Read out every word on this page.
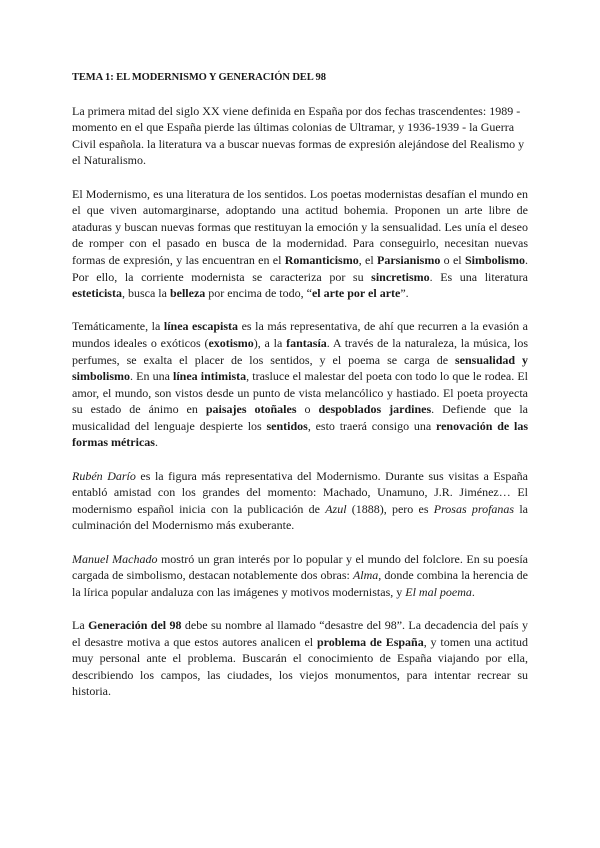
TEMA 1: EL MODERNISMO Y GENERACIÓN DEL 98

La primera mitad del siglo XX viene definida en España por dos fechas trascendentes: 1989 - momento en el que España pierde las últimas colonias de Ultramar, y 1936-1939 - la Guerra Civil española. la literatura va a buscar nuevas formas de expresión alejándose del Realismo y el Naturalismo.

El Modernismo, es una literatura de los sentidos. Los poetas modernistas desafían el mundo en el que viven automarginarse, adoptando una actitud bohemia. Proponen un arte libre de ataduras y buscan nuevas formas que restituyan la emoción y la sensualidad. Les unía el deseo de romper con el pasado en busca de la modernidad. Para conseguirlo, necesitan nuevas formas de expresión, y las encuentran en el Romanticismo, el Parsianismo o el Simbolismo. Por ello, la corriente modernista se caracteriza por su sincretismo. Es una literatura esteticista, busca la belleza por encima de todo, “el arte por el arte”.

Temáticamente, la línea escapista es la más representativa, de ahí que recurren a la evasión a mundos ideales o exóticos (exotismo), a la fantasía. A través de la naturaleza, la música, los perfumes, se exalta el placer de los sentidos, y el poema se carga de sensualidad y simbolismo. En una línea intimista, trasluce el malestar del poeta con todo lo que le rodea. El amor, el mundo, son vistos desde un punto de vista melancólico y hastiado. El poeta proyecta su estado de ánimo en paisajes otoñales o despoblados jardines. Defiende que la musicalidad del lenguaje despierte los sentidos, esto traerá consigo una renovación de las formas métricas.

Rubén Darío es la figura más representativa del Modernismo. Durante sus visitas a España entabló amistad con los grandes del momento: Machado, Unamuno, J.R. Jiménez… El modernismo español inicia con la publicación de Azul (1888), pero es Prosas profanas la culminación del Modernismo más exuberante.

Manuel Machado mostró un gran interés por lo popular y el mundo del folclore. En su poesía cargada de simbolismo, destacan notablemente dos obras: Alma, donde combina la herencia de la lírica popular andaluza con las imágenes y motivos modernistas, y El mal poema.

La Generación del 98 debe su nombre al llamado “desastre del 98”. La decadencia del país y el desastre motiva a que estos autores analicen el problema de España, y tomen una actitud muy personal ante el problema. Buscarán el conocimiento de España viajando por ella, describiendo los campos, las ciudades, los viejos monumentos, para intentar recrear su historia.
